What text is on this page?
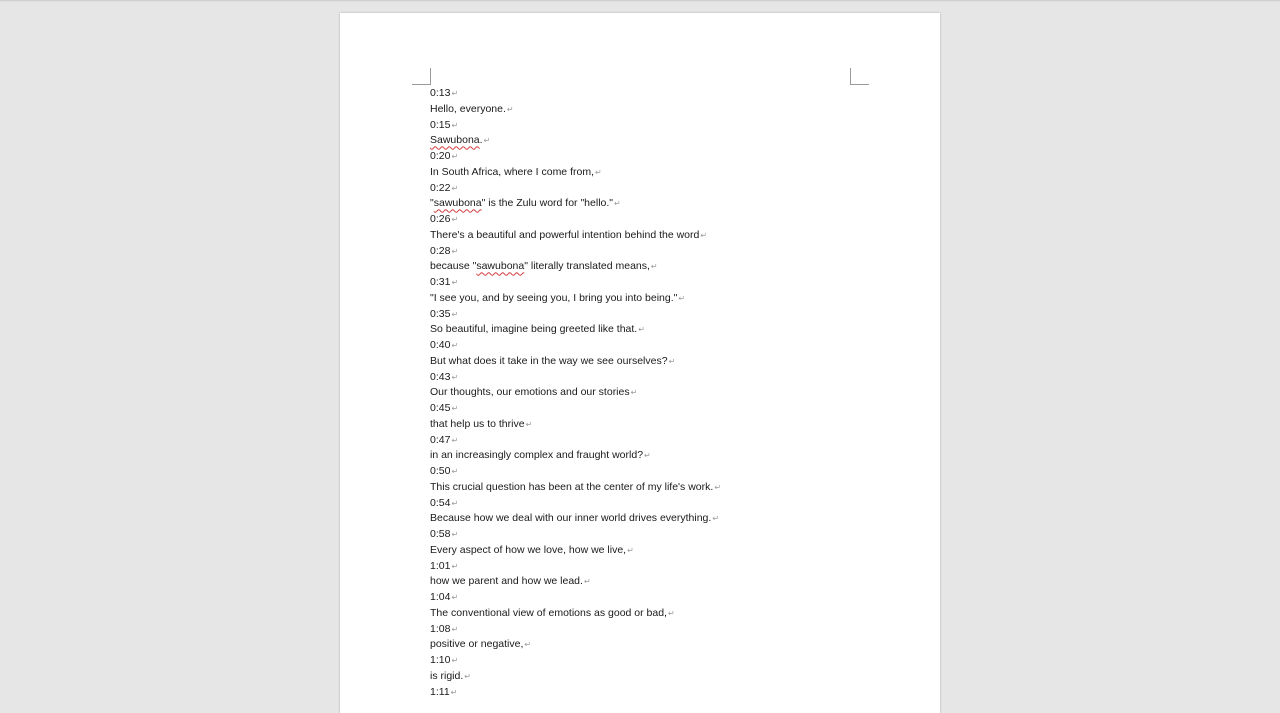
0:13↵
Hello, everyone.↵
0:15↵
Sawubona.↵
0:20↵
In South Africa, where I come from,↵
0:22↵
"sawubona" is the Zulu word for "hello."↵
0:26↵
There's a beautiful and powerful intention behind the word↵
0:28↵
because "sawubona" literally translated means,↵
0:31↵
"I see you, and by seeing you, I bring you into being."↵
0:35↵
So beautiful, imagine being greeted like that.↵
0:40↵
But what does it take in the way we see ourselves?↵
0:43↵
Our thoughts, our emotions and our stories↵
0:45↵
that help us to thrive↵
0:47↵
in an increasingly complex and fraught world?↵
0:50↵
This crucial question has been at the center of my life's work.↵
0:54↵
Because how we deal with our inner world drives everything.↵
0:58↵
Every aspect of how we love, how we live,↵
1:01↵
how we parent and how we lead.↵
1:04↵
The conventional view of emotions as good or bad,↵
1:08↵
positive or negative,↵
1:10↵
is rigid.↵
1:11↵
